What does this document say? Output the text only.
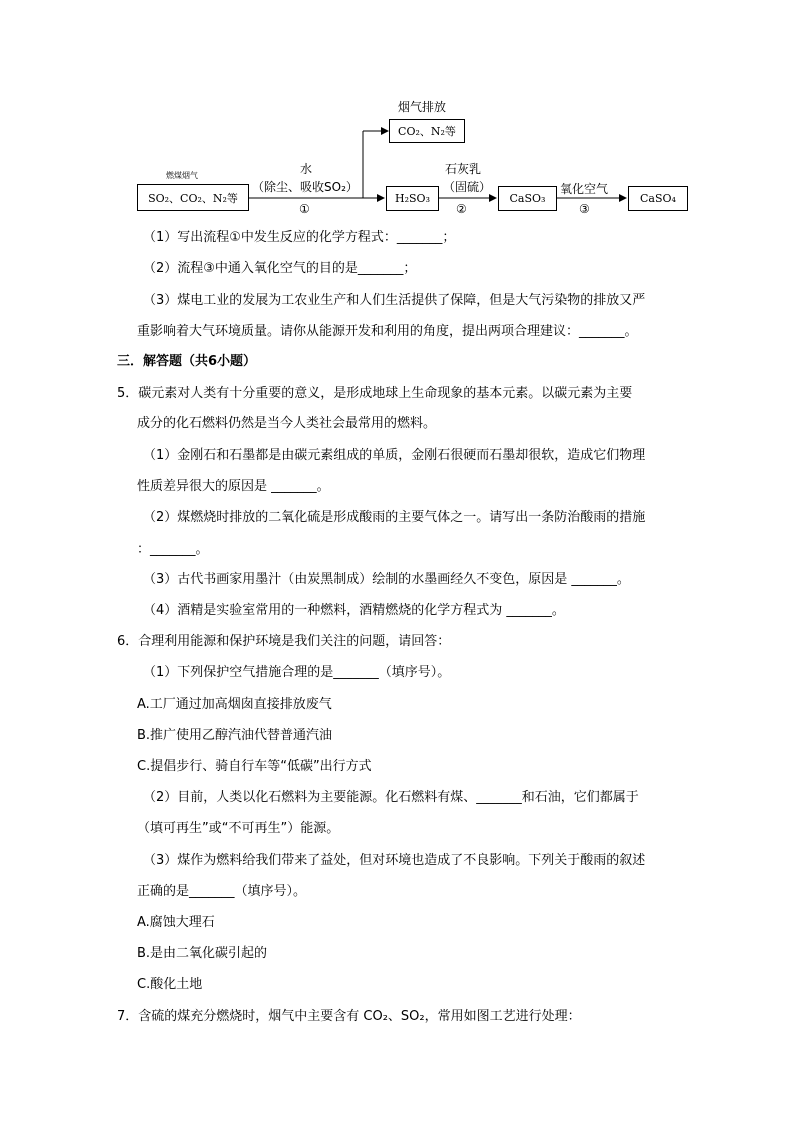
烟气排放
CO₂、N₂等
燃煤烟气
SO₂、CO₂、N₂等
水
（除尘、吸收SO₂）
①
H₂SO₃
石灰乳
（固硫）
②
CaSO₃
氧化空气
③
CaSO₄
（1）写出流程①中发生反应的化学方程式：_______；
（2）流程③中通入氧化空气的目的是_______；
（3）煤电工业的发展为工农业生产和人们生活提供了保障，但是大气污染物的排放又严
重影响着大气环境质量。请你从能源开发和利用的角度，提出两项合理建议：_______。
三．解答题（共6小题）
5．碳元素对人类有十分重要的意义，是形成地球上生命现象的基本元素。以碳元素为主要
成分的化石燃料仍然是当今人类社会最常用的燃料。
（1）金刚石和石墨都是由碳元素组成的单质，金刚石很硬而石墨却很软，造成它们物理
性质差异很大的原因是 _______。
（2）煤燃烧时排放的二氧化硫是形成酸雨的主要气体之一。请写出一条防治酸雨的措施
：_______。
（3）古代书画家用墨汁（由炭黑制成）绘制的水墨画经久不变色，原因是 _______。
（4）酒精是实验室常用的一种燃料，酒精燃烧的化学方程式为 _______。
6．合理利用能源和保护环境是我们关注的问题，请回答：
（1）下列保护空气措施合理的是_______（填序号）。
A.工厂通过加高烟囱直接排放废气
B.推广使用乙醇汽油代替普通汽油
C.提倡步行、骑自行车等“低碳”出行方式
（2）目前，人类以化石燃料为主要能源。化石燃料有煤、_______和石油，它们都属于
（填可再生”或“不可再生”）能源。
（3）煤作为燃料给我们带来了益处，但对环境也造成了不良影响。下列关于酸雨的叙述
正确的是_______（填序号）。
A.腐蚀大理石
B.是由二氧化碳引起的
C.酸化土地
7．含硫的煤充分燃烧时，烟气中主要含有 CO₂、SO₂，常用如图工艺进行处理：
